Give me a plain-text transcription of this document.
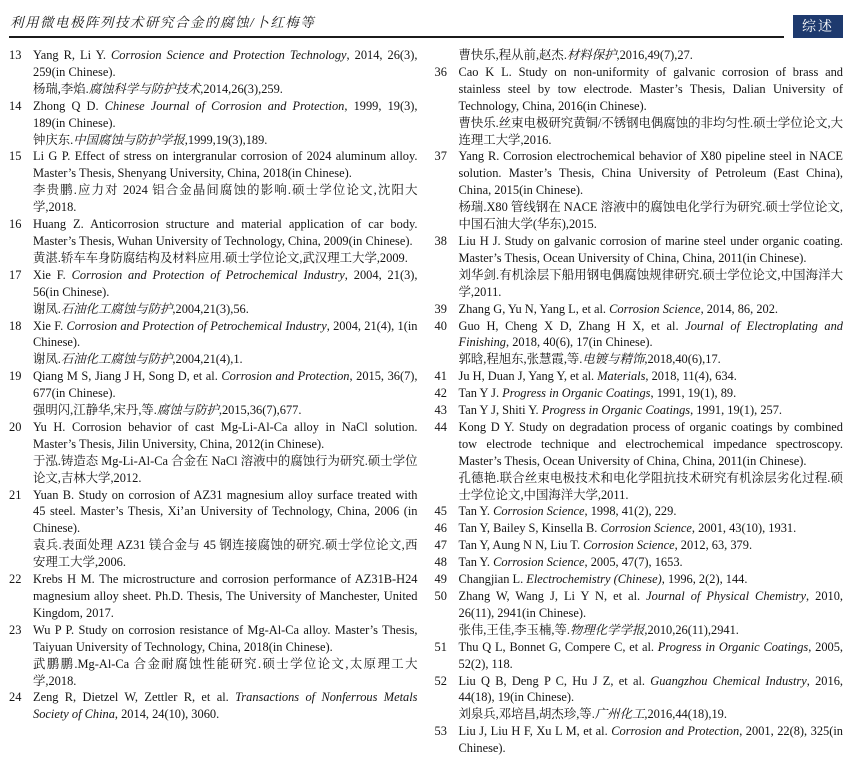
利用微电极阵列技术研究合金的腐蚀/卜红梅等	综述
13 Yang R, Li Y. Corrosion Science and Protection Technology, 2014, 26(3), 259(in Chinese).

杨瑞,李焰.腐蚀科学与防护技术,2014,26(3),259.

14 Zhong Q D. Chinese Journal of Corrosion and Protection, 1999, 19(3), 189(in Chinese).

钟庆东.中国腐蚀与防护学报,1999,19(3),189.

15 Li G P. Effect of stress on intergranular corrosion of 2024 aluminum alloy. Master’s Thesis, Shenyang University, China, 2018(in Chinese).

李贵鹏.应力对 2024 铝合金晶间腐蚀的影响.硕士学位论文,沈阳大学,2018.

16 Huang Z. Anticorrosion structure and material application of car body. Master’s Thesis, Wuhan University of Technology, China, 2009(in Chinese).

黄湛.轿车车身防腐结构及材料应用.硕士学位论文,武汉理工大学,2009.

17 Xie F. Corrosion and Protection of Petrochemical Industry, 2004, 21(3), 56(in Chinese).

谢凤.石油化工腐蚀与防护,2004,21(3),56.

18 Xie F. Corrosion and Protection of Petrochemical Industry, 2004, 21(4), 1(in Chinese).

谢凤.石油化工腐蚀与防护,2004,21(4),1.

19 Qiang M S, Jiang J H, Song D, et al. Corrosion and Protection, 2015, 36(7), 677(in Chinese).

强明闪,江静华,宋丹,等.腐蚀与防护,2015,36(7),677.

20 Yu H. Corrosion behavior of cast Mg-Li-Al-Ca alloy in NaCl solution. Master’s Thesis, Jilin University, China, 2012(in Chinese).

于泓.铸造态 Mg-Li-Al-Ca 合金在 NaCl 溶液中的腐蚀行为研究.硕士学位论文,吉林大学,2012.

21 Yuan B. Study on corrosion of AZ31 magnesium alloy surface treated with 45 steel. Master’s Thesis, Xi’an University of Technology, China, 2006 (in Chinese).

袁兵.表面处理 AZ31 镁合金与 45 钢连接腐蚀的研究.硕士学位论文,西安理工大学,2006.

22 Krebs H M. The microstructure and corrosion performance of AZ31B-H24 magnesium alloy sheet. Ph.D. Thesis, The University of Manchester, United Kingdom, 2017.

23 Wu P P. Study on corrosion resistance of Mg-Al-Ca alloy. Master’s Thesis, Taiyuan University of Technology, China, 2018(in Chinese).

武鹏鹏.Mg-Al-Ca 合金耐腐蚀性能研究.硕士学位论文,太原理工大学,2018.

24 Zeng R, Dietzel W, Zettler R, et al. Transactions of Nonferrous Metals Society of China, 2014, 24(10), 3060.

曹快乐,程从前,赵杰.材料保护,2016,49(7),27.

36 Cao K L. Study on non-uniformity of galvanic corrosion of brass and stainless steel by tow electrode. Master’s Thesis, Dalian University of Technology, China, 2016(in Chinese).

曹快乐.丝束电极研究黄铜/不锈钢电偶腐蚀的非均匀性.硕士学位论文,大连理工大学,2016.

37 Yang R. Corrosion electrochemical behavior of X80 pipeline steel in NACE solution. Master’s Thesis, China University of Petroleum (East China), China, 2015(in Chinese).

杨瑞.X80 管线钢在 NACE 溶液中的腐蚀电化学行为研究.硕士学位论文,中国石油大学(华东),2015.

38 Liu H J. Study on galvanic corrosion of marine steel under organic coating. Master’s Thesis, Ocean University of China, China, 2011(in Chinese).

刘华剑.有机涂层下船用钢电偶腐蚀规律研究.硕士学位论文,中国海洋大学,2011.

39 Zhang G, Yu N, Yang L, et al. Corrosion Science, 2014, 86, 202.

40 Guo H, Cheng X D, Zhang H X, et al. Journal of Electroplating and Finishing, 2018, 40(6), 17(in Chinese).

郭晗,程旭东,张慧霞,等.电镀与精饰,2018,40(6),17.

41 Ju H, Duan J, Yang Y, et al. Materials, 2018, 11(4), 634.

42 Tan Y J. Progress in Organic Coatings, 1991, 19(1), 89.

43 Tan Y J, Shiti Y. Progress in Organic Coatings, 1991, 19(1), 257.

44 Kong D Y. Study on degradation process of organic coatings by combined tow electrode technique and electrochemical impedance spectroscopy. Master’s Thesis, Ocean University of China, China, 2011(in Chinese).

孔德艳.联合丝束电极技术和电化学阻抗技术研究有机涂层劣化过程.硕士学位论文,中国海洋大学,2011.

45 Tan Y. Corrosion Science, 1998, 41(2), 229.

46 Tan Y, Bailey S, Kinsella B. Corrosion Science, 2001, 43(10), 1931.

47 Tan Y, Aung N N, Liu T. Corrosion Science, 2012, 63, 379.

48 Tan Y. Corrosion Science, 2005, 47(7), 1653.

49 Changjian L. Electrochemistry (Chinese), 1996, 2(2), 144.

50 Zhang W, Wang J, Li Y N, et al. Journal of Physical Chemistry, 2010, 26(11), 2941(in Chinese).

张伟,王佳,李玉楠,等.物理化学学报,2010,26(11),2941.

51 Thu Q L, Bonnet G, Compere C, et al. Progress in Organic Coatings, 2005, 52(2), 118.

52 Liu Q B, Deng P C, Hu J Z, et al. Guangzhou Chemical Industry, 2016, 44(18), 19(in Chinese).

刘泉兵,邓培昌,胡杰珍,等.广州化工,2016,44(18),19.

53 Liu J, Liu H F, Xu L M, et al. Corrosion and Protection, 2001, 22(8), 325(in Chinese).
